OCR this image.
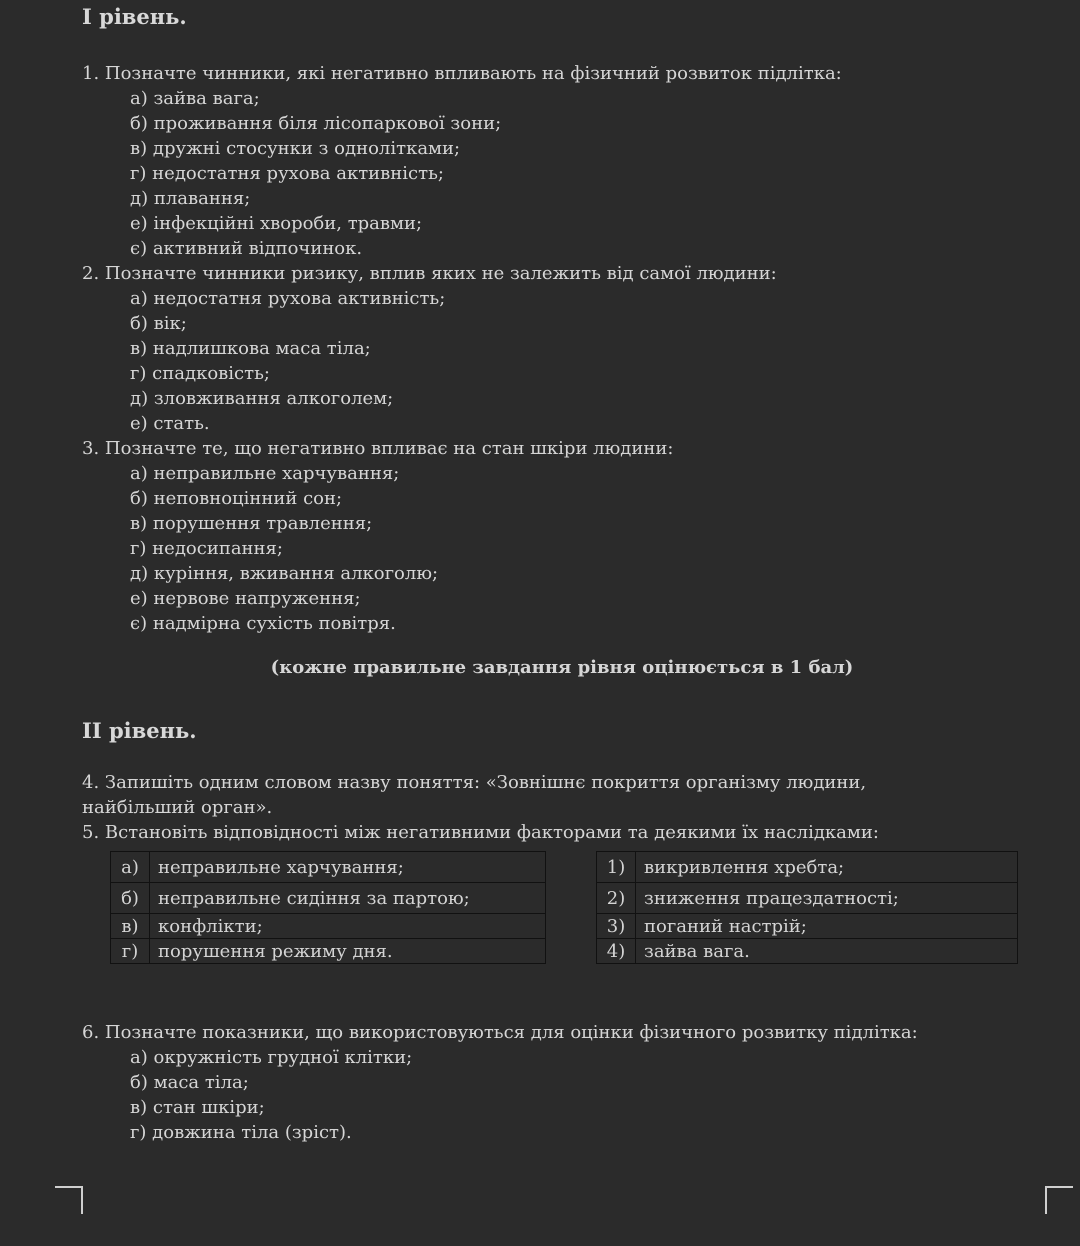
I рівень.
1. Позначте чинники, які негативно впливають на фізичний розвиток підлітка:
а) зайва вага;
б) проживання біля лісопаркової зони;
в) дружні стосунки з однолітками;
г) недостатня рухова активність;
д) плавання;
е) інфекційні хвороби, травми;
є) активний відпочинок.
2. Позначте чинники ризику, вплив яких не залежить від самої людини:
а) недостатня рухова активність;
б) вік;
в) надлишкова маса тіла;
г) спадковість;
д) зловживання алкоголем;
е) стать.
3. Позначте те, що негативно впливає на стан шкіри людини:
а) неправильне харчування;
б) неповноцінний сон;
в) порушення травлення;
г) недосипання;
д) куріння, вживання алкоголю;
е) нервове напруження;
є) надмірна сухість повітря.
(кожне правильне завдання рівня оцінюється в 1 бал)
II рівень.
4. Запишіть одним словом назву поняття: «Зовнішнє покриття організму людини,
найбільший орган».
5. Встановіть відповідності між негативними факторами та деякими їх наслідками:
а)	неправильне харчування;
б)	неправильне сидіння за партою;
в)	конфлікти;
г)	порушення режиму дня.
1)	викривлення хребта;
2)	зниження працездатності;
3)	поганий настрій;
4)	зайва вага.
6. Позначте показники, що використовуються для оцінки фізичного розвитку підлітка:
а) окружність грудної клітки;
б) маса тіла;
в) стан шкіри;
г) довжина тіла (зріст).
